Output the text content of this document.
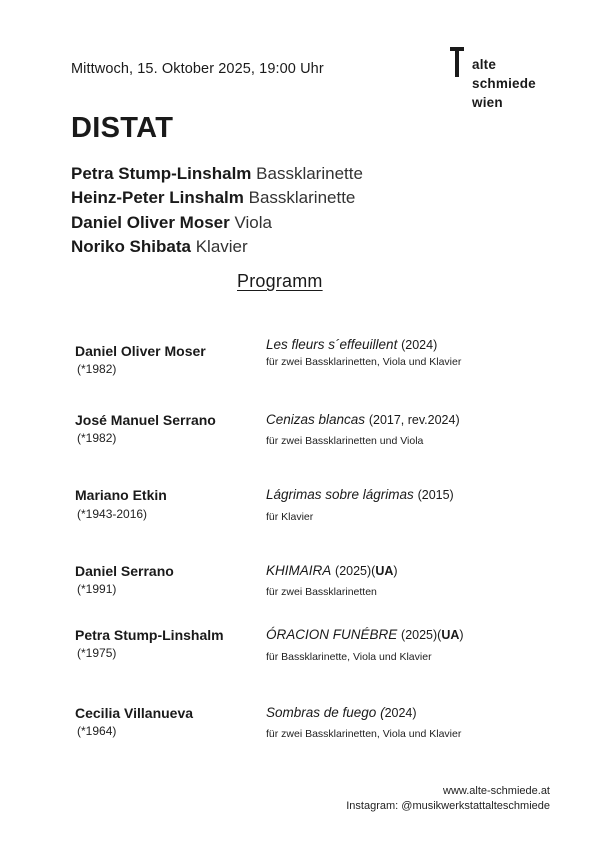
Mittwoch, 15. Oktober 2025, 19:00 Uhr	alte
schmiede
wien
DISTAT
Petra Stump-Linshalm Bassklarinette
Heinz-Peter Linshalm Bassklarinette
Daniel Oliver Moser Viola
Noriko Shibata Klavier
Programm
Daniel Oliver Moser
(*1982)
Les fleurs s´effeuillent (2024)
für zwei Bassklarinetten, Viola und Klavier
José Manuel Serrano
(*1982)
Cenizas blancas (2017, rev.2024)
für zwei Bassklarinetten und Viola
Mariano Etkin
(*1943-2016)
Lágrimas sobre lágrimas (2015)
für Klavier
Daniel Serrano
(*1991)
KHIMAIRA (2025)(UA)
für zwei Bassklarinetten
Petra Stump-Linshalm
(*1975)
ÓRACION FUNÉBRE (2025)(UA)
für Bassklarinette, Viola und Klavier
Cecilia Villanueva
(*1964)
Sombras de fuego (2024)
für zwei Bassklarinetten, Viola und Klavier
www.alte-schmiede.at
Instagram: @musikwerkstattalteschmiede
